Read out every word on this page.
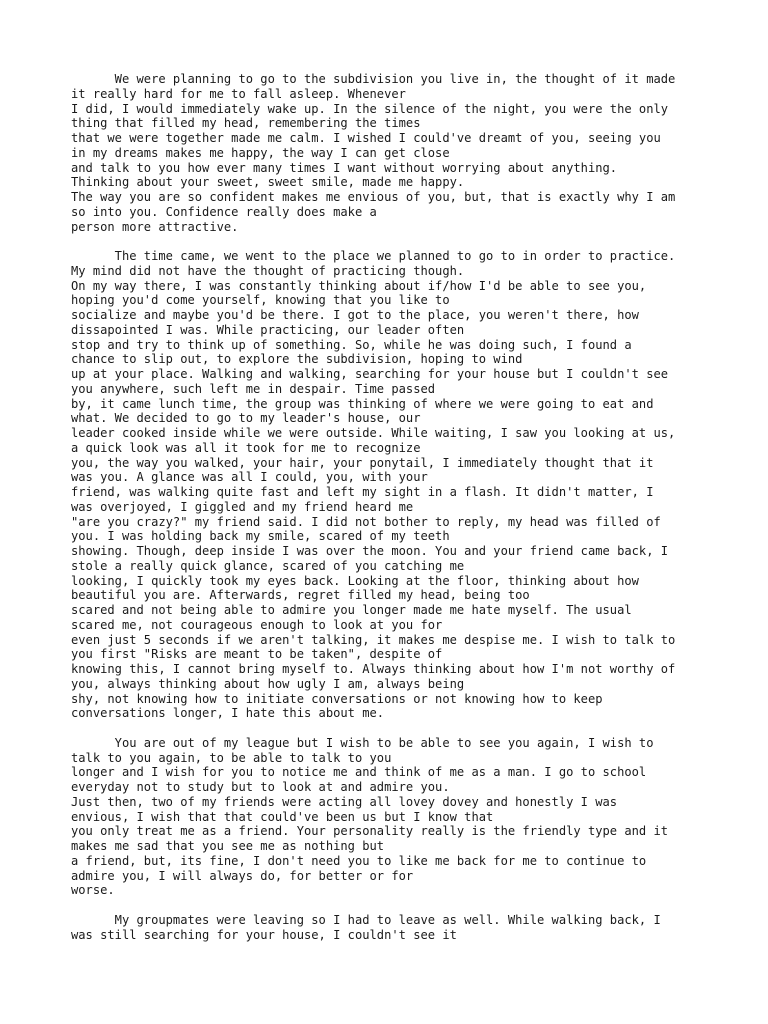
We were planning to go to the subdivision you live in, the thought of it made
it really hard for me to fall asleep. Whenever
I did, I would immediately wake up. In the silence of the night, you were the only
thing that filled my head, remembering the times
that we were together made me calm. I wished I could've dreamt of you, seeing you
in my dreams makes me happy, the way I can get close
and talk to you how ever many times I want without worrying about anything.
Thinking about your sweet, sweet smile, made me happy.
The way you are so confident makes me envious of you, but, that is exactly why I am
so into you. Confidence really does make a
person more attractive.
The time came, we went to the place we planned to go to in order to practice.
My mind did not have the thought of practicing though.
On my way there, I was constantly thinking about if/how I'd be able to see you,
hoping you'd come yourself, knowing that you like to
socialize and maybe you'd be there. I got to the place, you weren't there, how
dissapointed I was. While practicing, our leader often
stop and try to think up of something. So, while he was doing such, I found a
chance to slip out, to explore the subdivision, hoping to wind
up at your place. Walking and walking, searching for your house but I couldn't see
you anywhere, such left me in despair. Time passed
by, it came lunch time, the group was thinking of where we were going to eat and
what. We decided to go to my leader's house, our
leader cooked inside while we were outside. While waiting, I saw you looking at us,
a quick look was all it took for me to recognize
you, the way you walked, your hair, your ponytail, I immediately thought that it
was you. A glance was all I could, you, with your
friend, was walking quite fast and left my sight in a flash. It didn't matter, I
was overjoyed, I giggled and my friend heard me
"are you crazy?" my friend said. I did not bother to reply, my head was filled of
you. I was holding back my smile, scared of my teeth
showing. Though, deep inside I was over the moon. You and your friend came back, I
stole a really quick glance, scared of you catching me
looking, I quickly took my eyes back. Looking at the floor, thinking about how
beautiful you are. Afterwards, regret filled my head, being too
scared and not being able to admire you longer made me hate myself. The usual
scared me, not courageous enough to look at you for
even just 5 seconds if we aren't talking, it makes me despise me. I wish to talk to
you first "Risks are meant to be taken", despite of
knowing this, I cannot bring myself to. Always thinking about how I'm not worthy of
you, always thinking about how ugly I am, always being
shy, not knowing how to initiate conversations or not knowing how to keep
conversations longer, I hate this about me.
You are out of my league but I wish to be able to see you again, I wish to
talk to you again, to be able to talk to you
longer and I wish for you to notice me and think of me as a man. I go to school
everyday not to study but to look at and admire you.
Just then, two of my friends were acting all lovey dovey and honestly I was
envious, I wish that that could've been us but I know that
you only treat me as a friend. Your personality really is the friendly type and it
makes me sad that you see me as nothing but
a friend, but, its fine, I don't need you to like me back for me to continue to
admire you, I will always do, for better or for
worse.
My groupmates were leaving so I had to leave as well. While walking back, I
was still searching for your house, I couldn't see it
